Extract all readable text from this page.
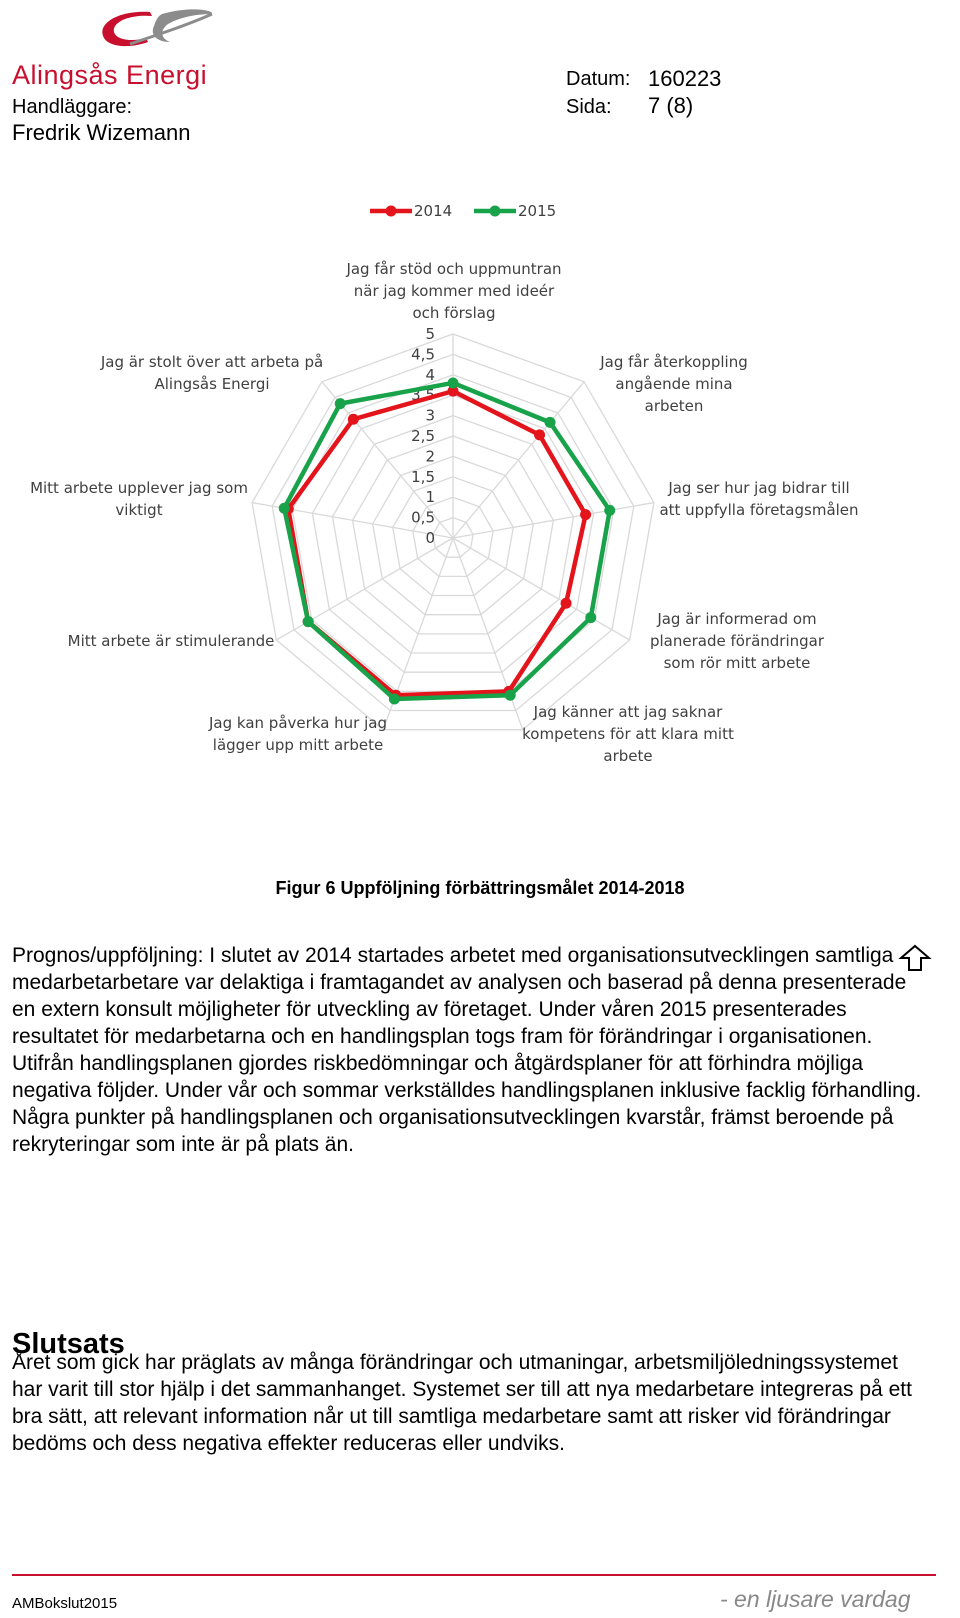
Alingsås Energi	Datum: 160223
Handläggare:	Sida: 7 (8)
Fredrik Wizemann
2014	2015
0
0,5
1
1,5
2
2,5
3
3,5
4
4,5
5
Jag får stöd och uppmuntran när jag kommer med ideér och förslag
Jag får återkoppling angående mina arbeten
Jag ser hur jag bidrar till att uppfylla företagsmålen
Jag är informerad om planerade förändringar som rör mitt arbete
Jag känner att jag saknar kompetens för att klara mitt arbete
Jag kan påverka hur jag lägger upp mitt arbete
Mitt arbete är stimulerande
Mitt arbete upplever jag som viktigt
Jag är stolt över att arbeta på Alingsås Energi
Figur 6 Uppföljning förbättringsmålet 2014-2018

Prognos/uppföljning: I slutet av 2014 startades arbetet med organisationsutvecklingen samtliga medarbetarbetare var delaktiga i framtagandet av analysen och baserad på denna presenterade en extern konsult möjligheter för utveckling av företaget. Under våren 2015 presenterades resultatet för medarbetarna och en handlingsplan togs fram för förändringar i organisationen. Utifrån handlingsplanen gjordes riskbedömningar och åtgärdsplaner för att förhindra möjliga negativa följder. Under vår och sommar verkställdes handlingsplanen inklusive facklig förhandling.

Några punkter på handlingsplanen och organisationsutvecklingen kvarstår, främst beroende på rekryteringar som inte är på plats än.

Slutsats
Året som gick har präglats av många förändringar och utmaningar, arbetsmiljöledningssystemet har varit till stor hjälp i det sammanhanget. Systemet ser till att nya medarbetare integreras på ett bra sätt, att relevant information når ut till samtliga medarbetare samt att risker vid förändringar bedöms och dess negativa effekter reduceras eller undviks.
AMBokslut2015	- en ljusare vardag
